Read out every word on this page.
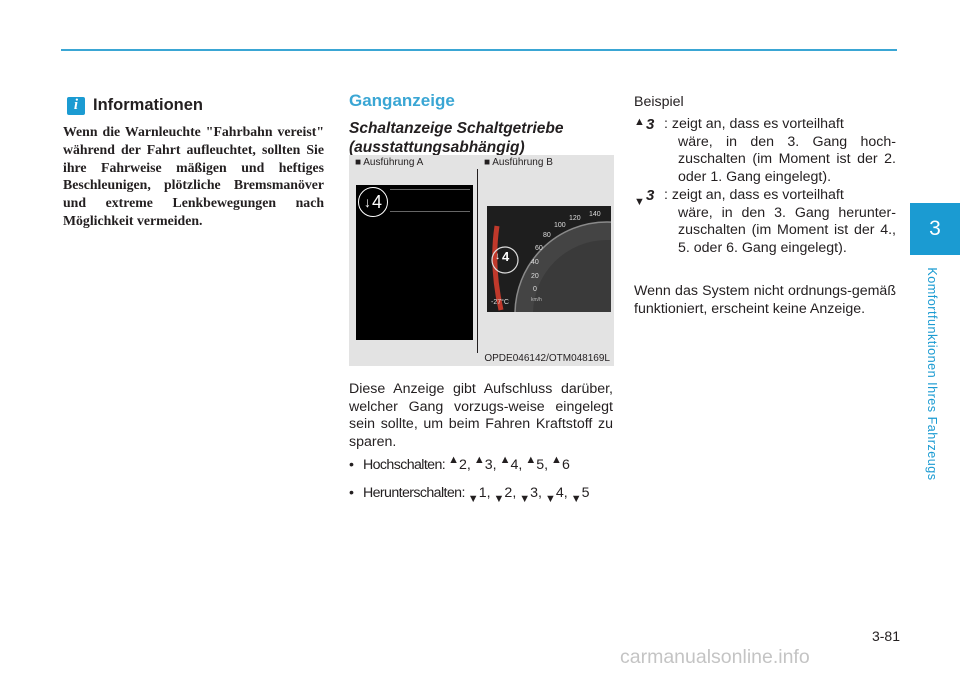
3
Komfortfunktionen Ihres Fahrzeugs
i Informationen
Wenn die Warnleuchte "Fahrbahn vereist" während der Fahrt aufleuchtet, sollten Sie ihre Fahrweise mäßigen und heftiges Beschleunigen, plötzliche Bremsmanöver und extreme Lenkbewegungen nach Möglichkeit vermeiden.
Ganganzeige
Schaltanzeige Schaltgetriebe (ausstattungsabhängig)
■ Ausführung A	■ Ausführung B
↓ 4
↓ 4
0
20
40
60
80
100
120
140
km/h
-27°C
OPDE046142/OTM048169L
Diese Anzeige gibt Aufschluss darüber, welcher Gang vorzugs-weise eingelegt sein sollte, um beim Fahren Kraftstoff zu sparen.
• Hochschalten: ▲ 2 , ▲ 3 , ▲ 4 , ▲ 5 , ▲ 6
• Herunterschalten: ▼ 1 , ▼ 2 , ▼ 3 , ▼ 4 , ▼ 5
Beispiel
▲ 3 : zeigt an, dass es vorteilhaft
wäre, in den 3. Gang hoch-zuschalten (im Moment ist der 2. oder 1. Gang eingelegt).
▼ 3 : zeigt an, dass es vorteilhaft
wäre, in den 3. Gang herunter-zuschalten (im Moment ist der 4., 5. oder 6. Gang eingelegt).
Wenn das System nicht ordnungs-gemäß funktioniert, erscheint keine Anzeige.
3-81
carmanualsonline.info
